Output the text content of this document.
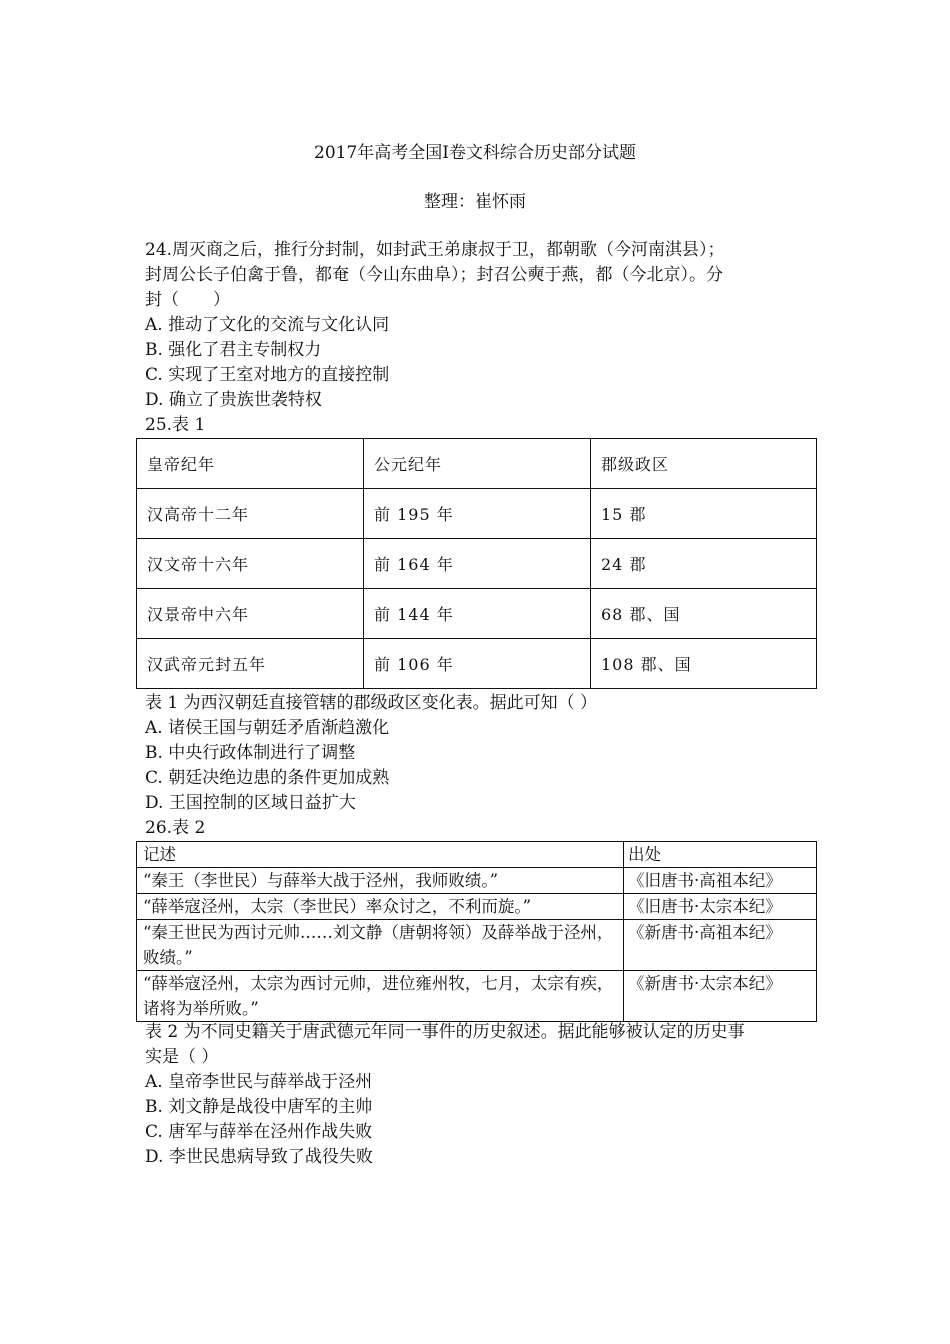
2017年高考全国Ⅰ卷文科综合历史部分试题
整理：崔怀雨
24.周灭商之后，推行分封制，如封武王弟康叔于卫，都朝歌（今河南淇县）；
封周公长子伯禽于鲁，都奄（今山东曲阜）；封召公奭于燕，都（今北京）。分
封（　　）
A. 推动了文化的交流与文化认同
B. 强化了君主专制权力
C. 实现了王室对地方的直接控制
D. 确立了贵族世袭特权
25.表 1
皇帝纪年	公元纪年	郡级政区
汉高帝十二年	前 195 年	15 郡
汉文帝十六年	前 164 年	24 郡
汉景帝中六年	前 144 年	68 郡、国
汉武帝元封五年	前 106 年	108 郡、国
表 1 为西汉朝廷直接管辖的郡级政区变化表。据此可知（ ）
A. 诸侯王国与朝廷矛盾渐趋激化
B. 中央行政体制进行了调整
C. 朝廷决绝边患的条件更加成熟
D. 王国控制的区域日益扩大
26.表 2
记述	出处
“秦王（李世民）与薛举大战于泾州，我师败绩。”	《旧唐书·高祖本纪》
“薛举寇泾州，太宗（李世民）率众讨之，不利而旋。”	《旧唐书·太宗本纪》
“秦王世民为西讨元帅……刘文静（唐朝将领）及薛举战于泾州，败绩。”	《新唐书·高祖本纪》
“薛举寇泾州，太宗为西讨元帅，进位雍州牧，七月，太宗有疾，诸将为举所败。”	《新唐书·太宗本纪》
表 2 为不同史籍关于唐武德元年同一事件的历史叙述。据此能够被认定的历史事
实是（ ）
A. 皇帝李世民与薛举战于泾州
B. 刘文静是战役中唐军的主帅
C. 唐军与薛举在泾州作战失败
D. 李世民患病导致了战役失败
